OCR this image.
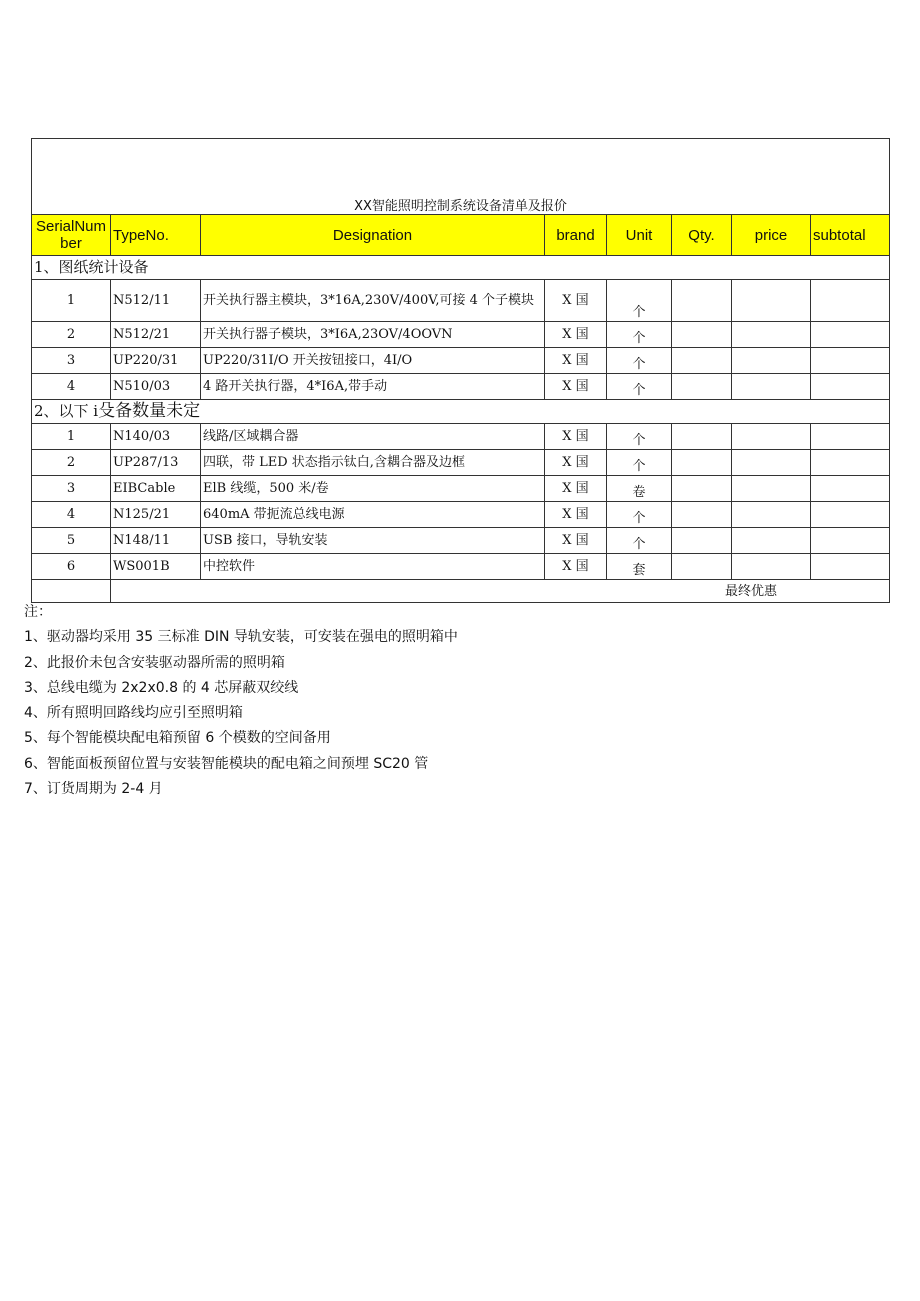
XX智能照明控制系统设备清单及报价							
SerialNum ber	TypeNo.	Designation	brand	Unit	Qty.	price	subtotal
1、图纸统计设备							
1	N512/11	开关执行器主模块，3*16A,230V/400V,可接 4 个子模块	X 国	个			
2	N512/21	开关执行器子模块，3*I6A,23OV/4OOVN	X 国	个			
3	UP220/31	UP220/31I/O 开关按钮接口，4I/O	X 国	个			
4	N510/03	4 路开关执行器，4*I6A,带手动	X 国	个			
2、以下 i殳备数量未定							
1	N140/03	线路/区域耦合器	X 国	个			
2	UP287/13	四联，带 LED 状态指示钛白,含耦合器及边框	X 国	个			
3	EIBCable	ElB 线缆，500 米/卷	X 国	卷			
4	N125/21	640mA 带扼流总线电源	X 国	个			
5	N148/11	USB 接口，导轨安装	X 国	个			
6	WS001B	中控软件	X 国	套			
	最终优惠						
注：
1、驱动器均采用 35 三标准 DIN 导轨安装，可安装在强电的照明箱中
2、此报价未包含安装驱动器所需的照明箱
3、总线电缆为 2x2x0.8 的 4 芯屏蔽双绞线
4、所有照明回路线均应引至照明箱
5、每个智能模块配电箱预留 6 个模数的空间备用
6、智能面板预留位置与安装智能模块的配电箱之间预埋 SC20 管
7、订货周期为 2-4 月
